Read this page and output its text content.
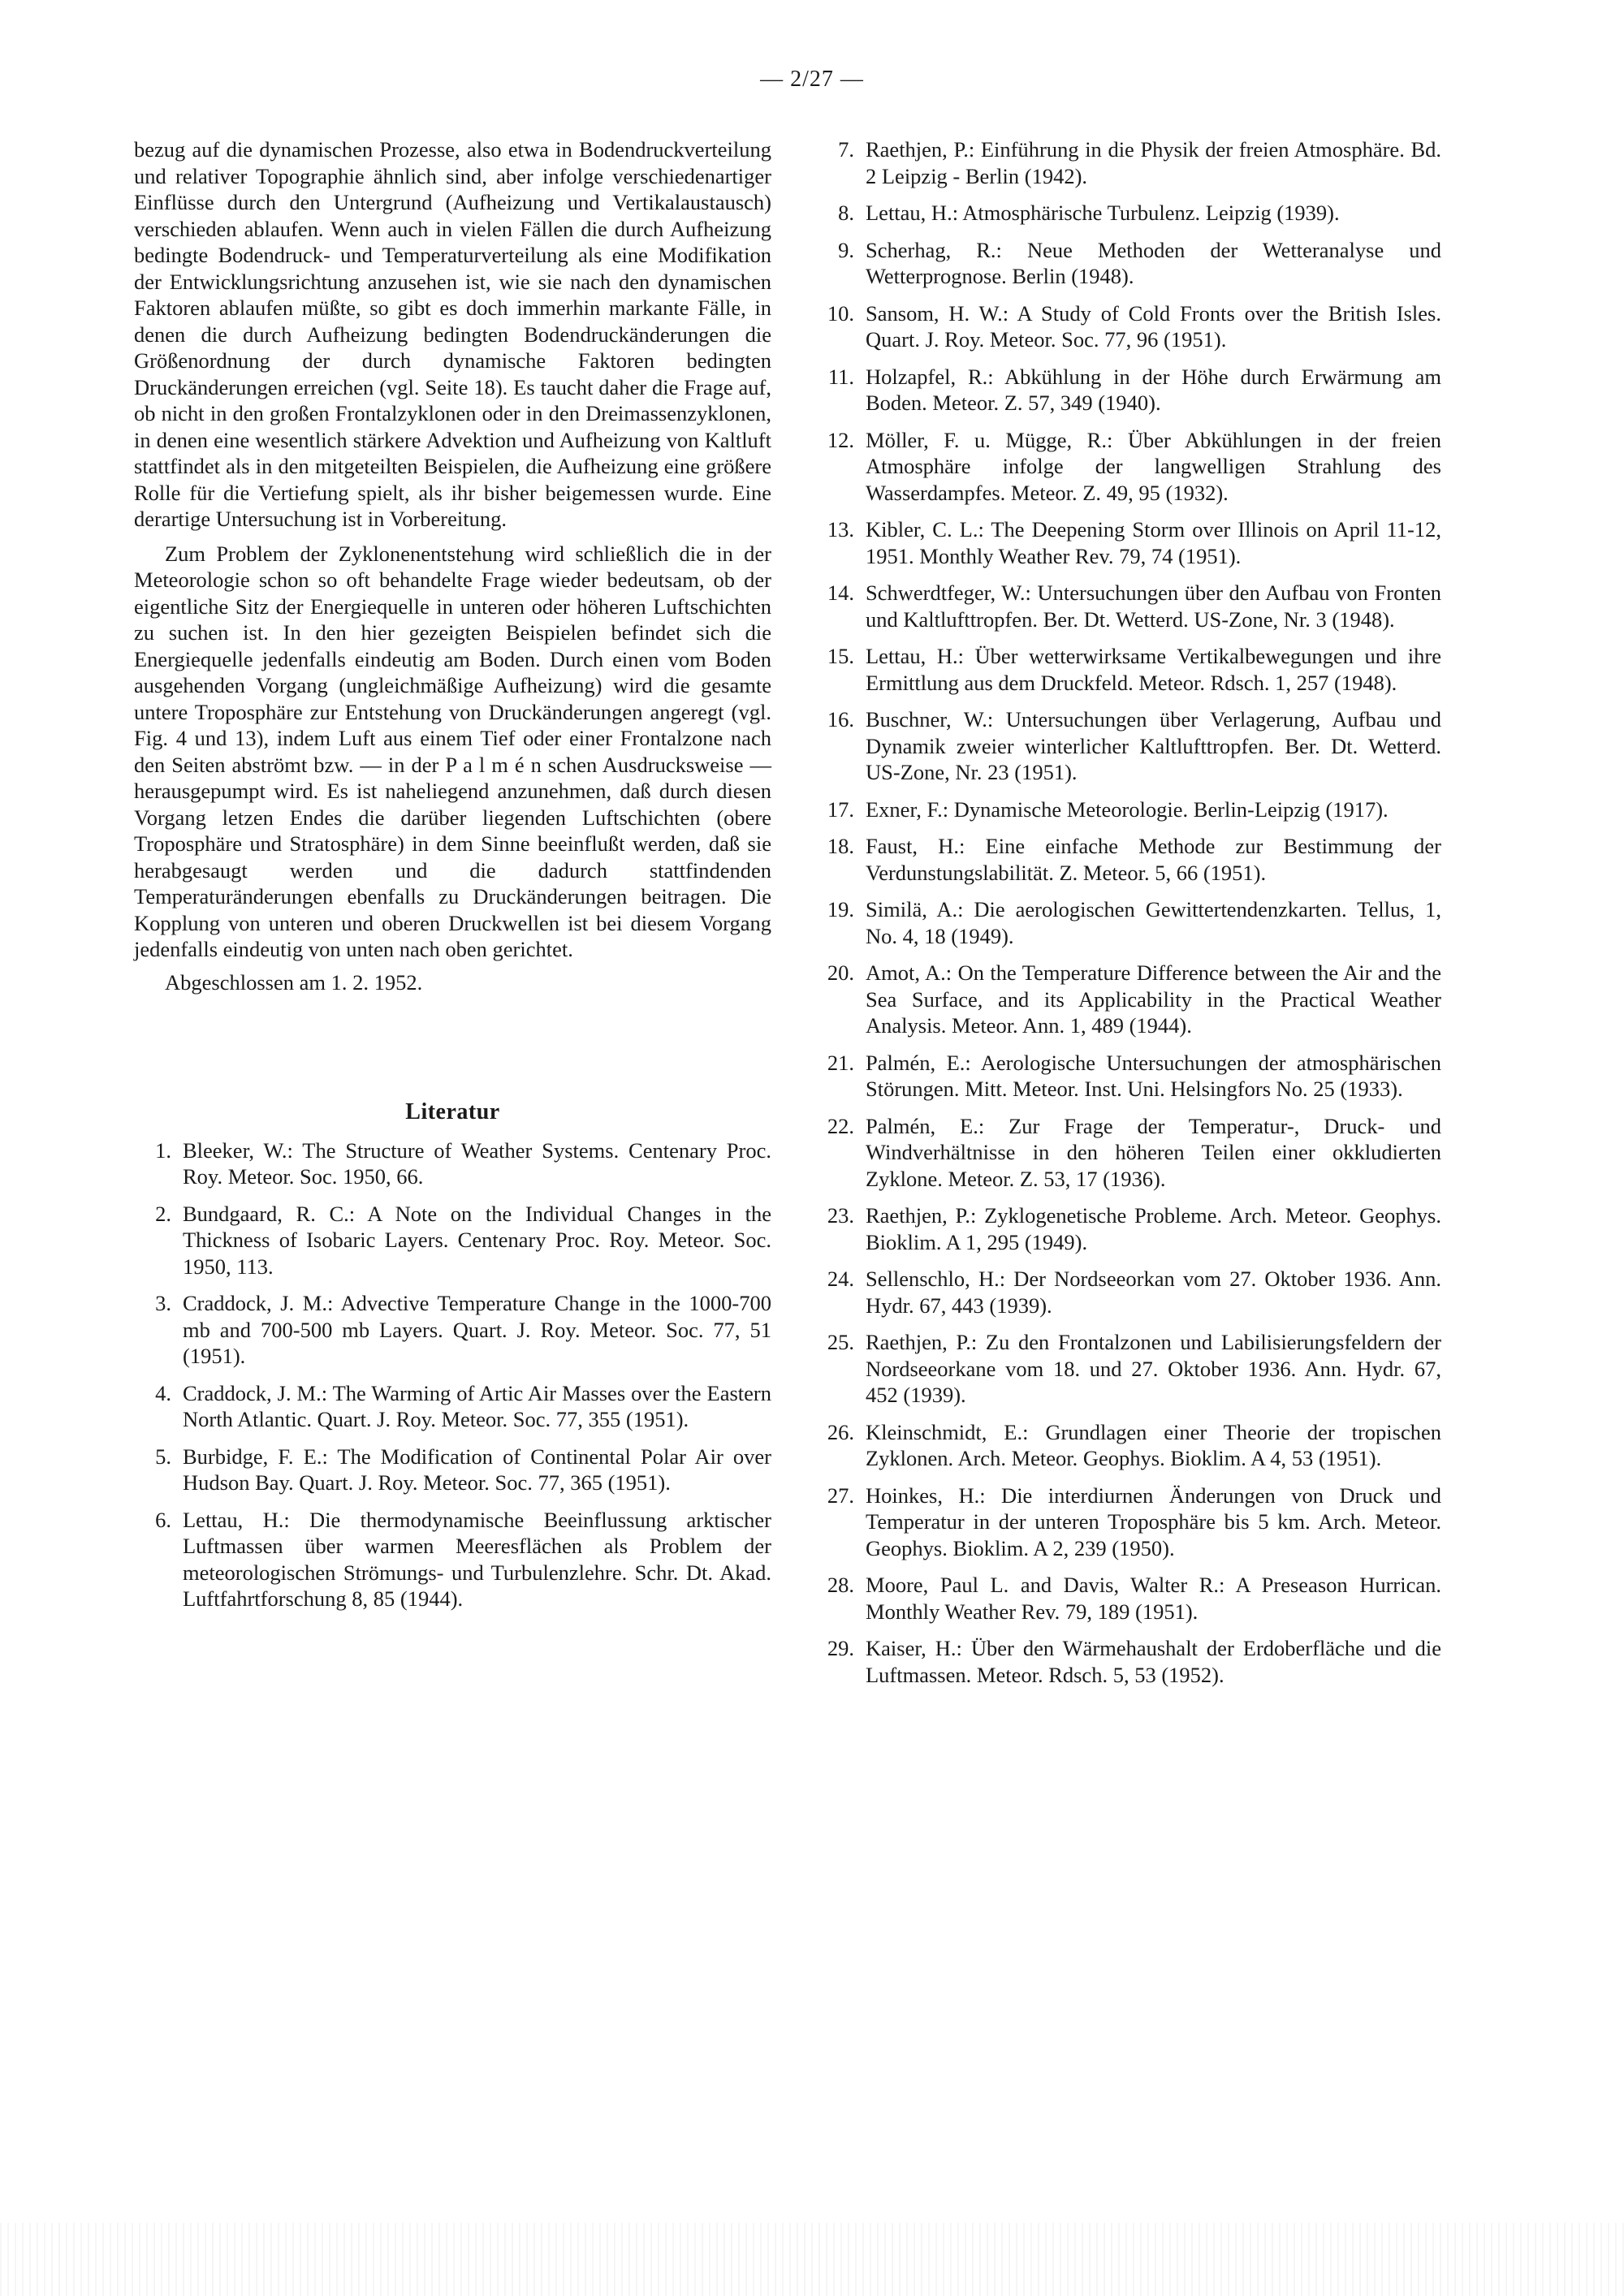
— 2/27 —

bezug auf die dynamischen Prozesse, also etwa in Bodendruckverteilung und relativer Topographie ähnlich sind, aber infolge verschiedenartiger Einflüsse durch den Untergrund (Aufheizung und Vertikalaustausch) verschieden ablaufen. Wenn auch in vielen Fällen die durch Aufheizung bedingte Bodendruck- und Temperaturverteilung als eine Modifikation der Entwicklungsrichtung anzusehen ist, wie sie nach den dynamischen Faktoren ablaufen müßte, so gibt es doch immerhin markante Fälle, in denen die durch Aufheizung bedingten Bodendruckänderungen die Größenordnung der durch dynamische Faktoren bedingten Druckänderungen erreichen (vgl. Seite 18). Es taucht daher die Frage auf, ob nicht in den großen Frontalzyklonen oder in den Dreimassenzyklonen, in denen eine wesentlich stärkere Advektion und Aufheizung von Kaltluft stattfindet als in den mitgeteilten Beispielen, die Aufheizung eine größere Rolle für die Vertiefung spielt, als ihr bisher beigemessen wurde. Eine derartige Untersuchung ist in Vorbereitung.

Zum Problem der Zyklonenentstehung wird schließlich die in der Meteorologie schon so oft behandelte Frage wieder bedeutsam, ob der eigentliche Sitz der Energiequelle in unteren oder höheren Luftschichten zu suchen ist. In den hier gezeigten Beispielen befindet sich die Energiequelle jedenfalls eindeutig am Boden. Durch einen vom Boden ausgehenden Vorgang (ungleichmäßige Aufheizung) wird die gesamte untere Troposphäre zur Entstehung von Druckänderungen angeregt (vgl. Fig. 4 und 13), indem Luft aus einem Tief oder einer Frontalzone nach den Seiten abströmt bzw. — in der P a l m é n schen Ausdrucksweise — herausgepumpt wird. Es ist naheliegend anzunehmen, daß durch diesen Vorgang letzen Endes die darüber liegenden Luftschichten (obere Troposphäre und Stratosphäre) in dem Sinne beeinflußt werden, daß sie herabgesaugt werden und die dadurch stattfindenden Temperaturänderungen ebenfalls zu Druckänderungen beitragen. Die Kopplung von unteren und oberen Druckwellen ist bei diesem Vorgang jedenfalls eindeutig von unten nach oben gerichtet.

Abgeschlossen am 1. 2. 1952.

Literatur
1. Bleeker, W.: The Structure of Weather Systems. Centenary Proc. Roy. Meteor. Soc. 1950, 66.
2. Bundgaard, R. C.: A Note on the Individual Changes in the Thickness of Isobaric Layers. Centenary Proc. Roy. Meteor. Soc. 1950, 113.
3. Craddock, J. M.: Advective Temperature Change in the 1000-700 mb and 700-500 mb Layers. Quart. J. Roy. Meteor. Soc. 77, 51 (1951).
4. Craddock, J. M.: The Warming of Artic Air Masses over the Eastern North Atlantic. Quart. J. Roy. Meteor. Soc. 77, 355 (1951).
5. Burbidge, F. E.: The Modification of Continental Polar Air over Hudson Bay. Quart. J. Roy. Meteor. Soc. 77, 365 (1951).
6. Lettau, H.: Die thermodynamische Beeinflussung arktischer Luftmassen über warmen Meeresflächen als Problem der meteorologischen Strömungs- und Turbulenzlehre. Schr. Dt. Akad. Luftfahrtforschung 8, 85 (1944).
7. Raethjen, P.: Einführung in die Physik der freien Atmosphäre. Bd. 2 Leipzig - Berlin (1942).
8. Lettau, H.: Atmosphärische Turbulenz. Leipzig (1939).
9. Scherhag, R.: Neue Methoden der Wetteranalyse und Wetterprognose. Berlin (1948).
10. Sansom, H. W.: A Study of Cold Fronts over the British Isles. Quart. J. Roy. Meteor. Soc. 77, 96 (1951).
11. Holzapfel, R.: Abkühlung in der Höhe durch Erwärmung am Boden. Meteor. Z. 57, 349 (1940).
12. Möller, F. u. Mügge, R.: Über Abkühlungen in der freien Atmosphäre infolge der langwelligen Strahlung des Wasserdampfes. Meteor. Z. 49, 95 (1932).
13. Kibler, C. L.: The Deepening Storm over Illinois on April 11-12, 1951. Monthly Weather Rev. 79, 74 (1951).
14. Schwerdtfeger, W.: Untersuchungen über den Aufbau von Fronten und Kaltlufttropfen. Ber. Dt. Wetterd. US-Zone, Nr. 3 (1948).
15. Lettau, H.: Über wetterwirksame Vertikalbewegungen und ihre Ermittlung aus dem Druckfeld. Meteor. Rdsch. 1, 257 (1948).
16. Buschner, W.: Untersuchungen über Verlagerung, Aufbau und Dynamik zweier winterlicher Kaltlufttropfen. Ber. Dt. Wetterd. US-Zone, Nr. 23 (1951).
17. Exner, F.: Dynamische Meteorologie. Berlin-Leipzig (1917).
18. Faust, H.: Eine einfache Methode zur Bestimmung der Verdunstungslabilität. Z. Meteor. 5, 66 (1951).
19. Similä, A.: Die aerologischen Gewittertendenzkarten. Tellus, 1, No. 4, 18 (1949).
20. Amot, A.: On the Temperature Difference between the Air and the Sea Surface, and its Applicability in the Practical Weather Analysis. Meteor. Ann. 1, 489 (1944).
21. Palmén, E.: Aerologische Untersuchungen der atmosphärischen Störungen. Mitt. Meteor. Inst. Uni. Helsingfors No. 25 (1933).
22. Palmén, E.: Zur Frage der Temperatur-, Druck- und Windverhältnisse in den höheren Teilen einer okkludierten Zyklone. Meteor. Z. 53, 17 (1936).
23. Raethjen, P.: Zyklogenetische Probleme. Arch. Meteor. Geophys. Bioklim. A 1, 295 (1949).
24. Sellenschlo, H.: Der Nordseeorkan vom 27. Oktober 1936. Ann. Hydr. 67, 443 (1939).
25. Raethjen, P.: Zu den Frontalzonen und Labilisierungsfeldern der Nordseeorkane vom 18. und 27. Oktober 1936. Ann. Hydr. 67, 452 (1939).
26. Kleinschmidt, E.: Grundlagen einer Theorie der tropischen Zyklonen. Arch. Meteor. Geophys. Bioklim. A 4, 53 (1951).
27. Hoinkes, H.: Die interdiurnen Änderungen von Druck und Temperatur in der unteren Troposphäre bis 5 km. Arch. Meteor. Geophys. Bioklim. A 2, 239 (1950).
28. Moore, Paul L. and Davis, Walter R.: A Preseason Hurrican. Monthly Weather Rev. 79, 189 (1951).
29. Kaiser, H.: Über den Wärmehaushalt der Erdoberfläche und die Luftmassen. Meteor. Rdsch. 5, 53 (1952).
